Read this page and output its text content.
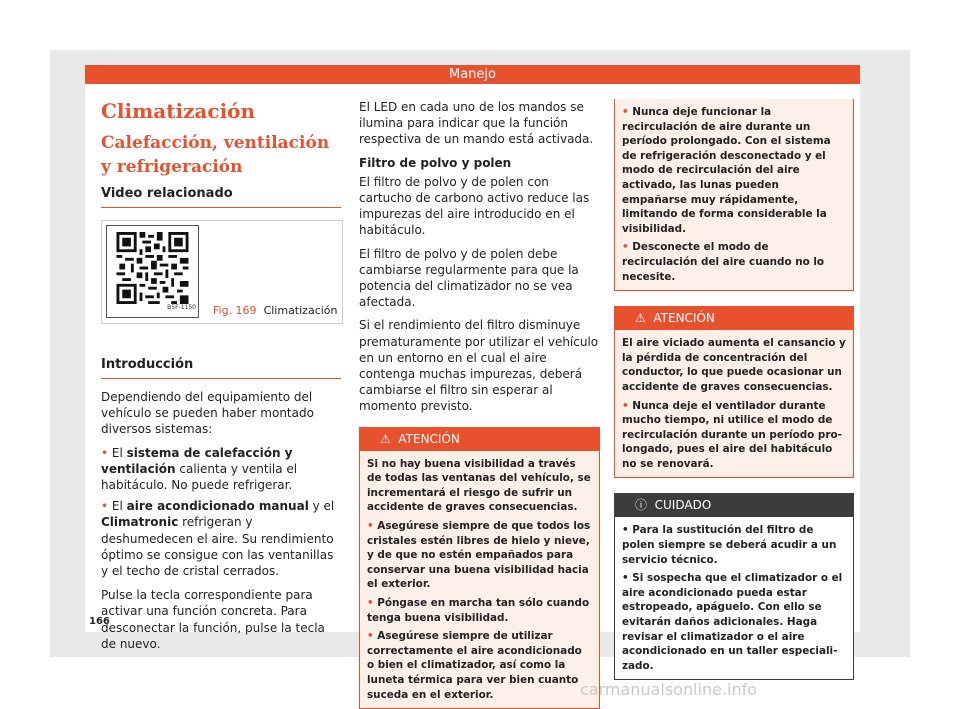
Manejo
Climatización
Calefacción, ventilación y refrigeración
Video relacionado
B5F-1150 Fig. 169 Climatización
Introducción

Dependiendo del equipamiento del vehículo se pueden haber montado diversos sistemas:

• El sistema de calefacción y ventilación calienta y ventila el habitáculo. No puede refrigerar.

• El aire acondicionado manual y el Climatronic refrigeran y deshumedecen el aire. Su rendimiento óptimo se consigue con las ventanillas y el techo de cristal cerrados.

Pulse la tecla correspondiente para activar una función concreta. Para desconectar la función, pulse la tecla de nuevo.

El LED en cada uno de los mandos se ilumina para indicar que la función respectiva de un mando está activada.

Filtro de polvo y polen

El filtro de polvo y de polen con cartucho de carbono activo reduce las impurezas del aire introducido en el habitáculo.

El filtro de polvo y de polen debe cambiarse regularmente para que la potencia del climatizador no se vea afectada.

Si el rendimiento del filtro disminuye prematuramente por utilizar el vehículo en un entorno en el cual el aire contenga muchas impurezas, deberá cambiarse el filtro sin esperar al momento previsto.

⚠  ATENCIÓN

Si no hay buena visibilidad a través de todas las ventanas del vehículo, se incrementará el riesgo de sufrir un accidente de graves consecuencias.

• Asegúrese siempre de que todos los cristales estén libres de hielo y nieve, y de que no estén empañados para conservar una buena visibilidad hacia el exterior.

• Póngase en marcha tan sólo cuando tenga buena visibilidad.

• Asegúrese siempre de utilizar correctamente el aire acondicionado o bien el climatizador, así como la luneta térmica para ver bien cuanto suceda en el exterior.

• Nunca deje funcionar la recirculación de aire durante un período prolongado. Con el sistema de refrigeración desconectado y el modo de recirculación del aire activado, las lunas pueden empañarse muy rápidamente, limitando de forma considerable la visibilidad.

• Desconecte el modo de recirculación del aire cuando no lo necesite.

⚠  ATENCIÓN

El aire viciado aumenta el cansancio y la pérdida de concentración del conductor, lo que puede ocasionar un accidente de graves consecuencias.

• Nunca deje el ventilador durante mucho tiempo, ni utilice el modo de recirculación durante un período prolongado, pues el aire del habitáculo no se renovará.

ⓘ  CUIDADO

• Para la sustitución del filtro de polen siempre se deberá acudir a un servicio técnico.

• Si sospecha que el climatizador o el aire acondicionado pueda estar estropeado, apáguelo. Con ello se evitarán daños adicionales. Haga revisar el climatizador o el aire acondicionado en un taller especializado.

166
carmanualsonline.info
